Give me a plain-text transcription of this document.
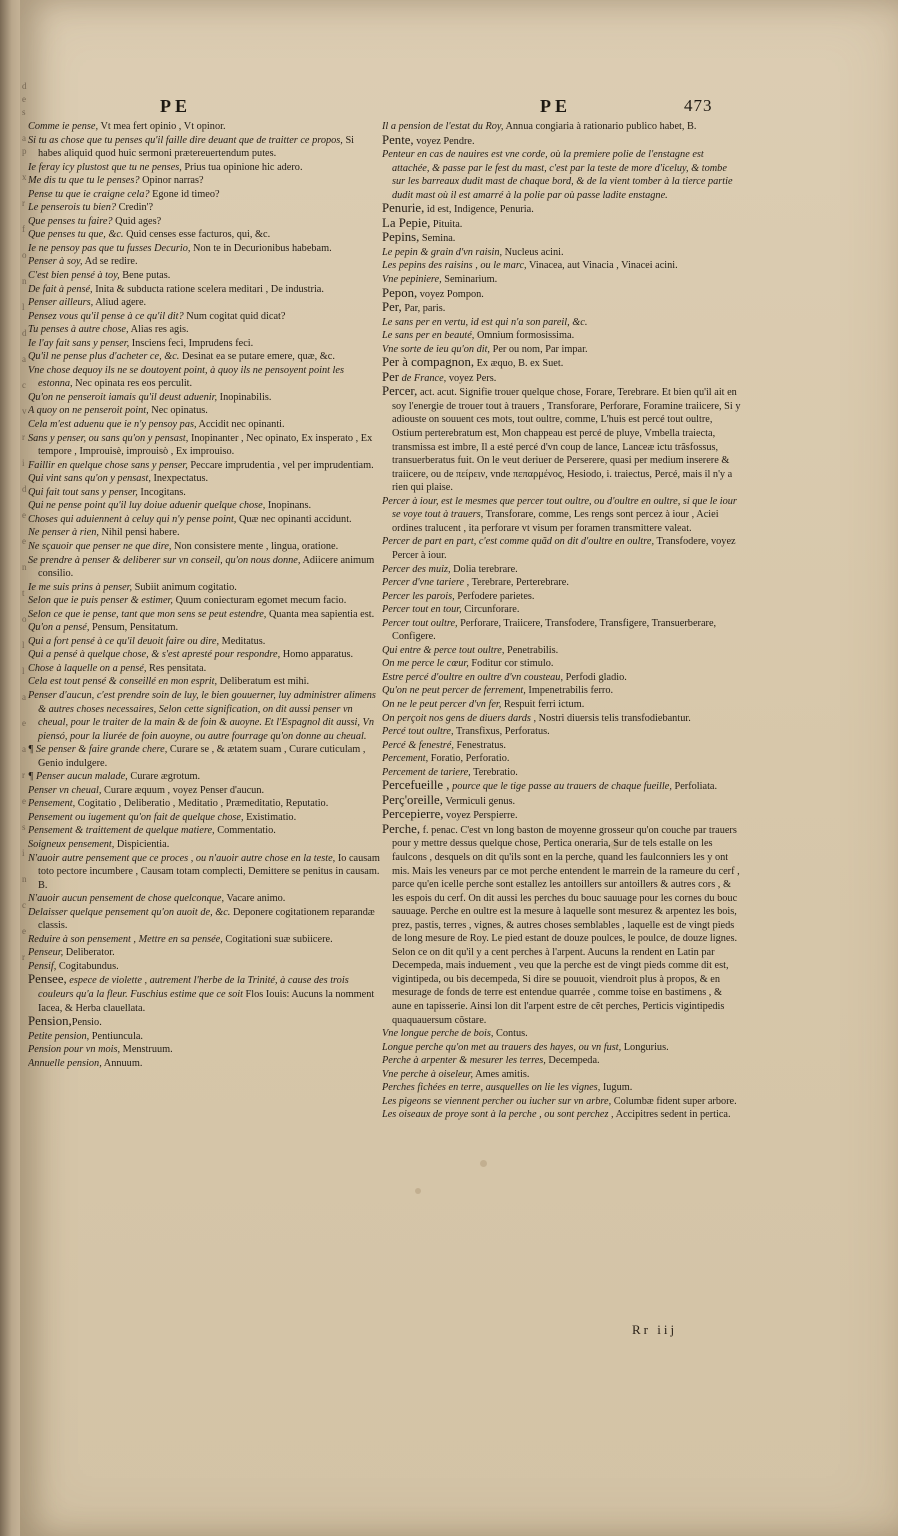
d
e
s

a
p

x

r

f

o

n

l

d

a

c

v

r

i

d

e

e

n

t

o

l

l

a

e

a

r

e

s

i

n

c

e

r
PE	PE	473

Comme ie pense, Vt mea fert opinio , Vt opinor.

Si tu as chose que tu penses qu'il faille dire deuant que de traitter ce propos, Si habes aliquid quod huic sermoni prætereuertendum putes.

Ie feray icy plustost que tu ne penses, Prius tua opinione hic adero.

Me dis tu que tu le penses? Opinor narras?

Pense tu que ie craigne cela? Egone id timeo?

Le penserois tu bien? Credin'?

Que penses tu faire? Quid ages?

Que penses tu que, &c. Quid censes esse facturos, qui, &c.

Ie ne pensoy pas que tu fusses Decurio, Non te in Decurionibus habebam.

Penser à soy, Ad se redire.

C'est bien pensé à toy, Bene putas.

De fait à pensé, Inita & subducta ratione scelera meditari , De industria.

Penser ailleurs, Aliud agere.

Pensez vous qu'il pense à ce qu'il dit? Num cogitat quid dicat?

Tu penses à autre chose, Alias res agis.

Ie l'ay fait sans y penser, Insciens feci, Imprudens feci.

Qu'il ne pense plus d'acheter ce, &c. Desinat ea se putare emere, quæ, &c.

Vne chose dequoy ils ne se doutoyent point, à quoy ils ne pensoyent point les estonna, Nec opinata res eos perculit.

Qu'on ne penseroit iamais qu'il deust aduenir, Inopinabilis.

A quoy on ne penseroit point, Nec opinatus.

Cela m'est aduenu que ie n'y pensoy pas, Accidit nec opinanti.

Sans y penser, ou sans qu'on y pensast, Inopinanter , Nec opinato, Ex insperato , Ex tempore , Improuisè, improuisò , Ex improuiso.

Faillir en quelque chose sans y penser, Peccare imprudentia , vel per imprudentiam.

Qui vint sans qu'on y pensast, Inexpectatus.

Qui fait tout sans y penser, Incogitans.

Qui ne pense point qu'il luy doiue aduenir quelque chose, Inopinans.

Choses qui aduiennent à celuy qui n'y pense point, Quæ nec opinanti accidunt.

Ne penser à rien, Nihil pensi habere.

Ne sçauoir que penser ne que dire, Non consistere mente , lingua, oratione.

Se prendre à penser & deliberer sur vn conseil, qu'on nous donne, Adiicere animum consilio.

Ie me suis prins à penser, Subiit animum cogitatio.

Selon que ie puis penser & estimer, Quum coniecturam egomet mecum facio.

Selon ce que ie pense, tant que mon sens se peut estendre, Quanta mea sapientia est.

Qu'on a pensé, Pensum, Pensitatum.

Qui a fort pensé à ce qu'il deuoit faire ou dire, Meditatus.

Qui a pensé à quelque chose, & s'est apresté pour respondre, Homo apparatus.

Chose à laquelle on a pensé, Res pensitata.

Cela est tout pensé & conseillé en mon esprit, Deliberatum est mihi.

Penser d'aucun, c'est prendre soin de luy, le bien gouuerner, luy administrer alimens & autres choses necessaires, Selon cette signification, on dit aussi penser vn cheual, pour le traiter de la main & de foin & auoyne. Et l'Espagnol dit aussi, Vn piensó, pour la liurée de foin auoyne, ou autre fourrage qu'on donne au cheual.

¶ Se penser & faire grande chere, Curare se , & ætatem suam , Curare cuticulam , Genio indulgere.

¶ Penser aucun malade, Curare ægrotum.

Penser vn cheual, Curare æquum , voyez Penser d'aucun.

Pensement, Cogitatio , Deliberatio , Meditatio , Præmeditatio, Reputatio.

Pensement ou iugement qu'on fait de quelque chose, Existimatio.

Pensement & traittement de quelque matiere, Commentatio.

Soigneux pensement, Dispicientia.

N'auoir autre pensement que ce proces , ou n'auoir autre chose en la teste, Io causam toto pectore incumbere , Causam totam complecti, Demittere se penitus in causam. B.

N'auoir aucun pensement de chose quelconque, Vacare animo.

Delaisser quelque pensement qu'on auoit de, &c. Deponere cogitationem reparandæ classis.

Reduire à son pensement , Mettre en sa pensée, Cogitationi suæ subiicere.

Penseur, Deliberator.

Pensif, Cogitabundus.

Pensee, espece de violette , autrement l'herbe de la Trinité, à cause des trois couleurs qu'a la fleur. Fuschius estime que ce soit Flos Iouis: Aucuns la nomment Iacea, & Herba clauellata.

Pension,Pensio.

Petite pension, Pentiuncula.

Pension pour vn mois, Menstruum.

Annuelle pension, Annuum.

Il a pension de l'estat du Roy, Annua congiaria à rationario publico habet, B.

Pente, voyez Pendre.

Penteur en cas de nauires est vne corde, où la premiere polie de l'enstagne est attachée, & passe par le fest du mast, c'est par la teste de more d'iceluy, & tombe sur les barreaux dudit mast de chaque bord, & de la vient tomber à la tierce partie dudit mast où il est amarré à la polie par où passe ladite enstagne.

Penurie, id est, Indigence, Penuria.

La Pepie, Pituita.

Pepins, Semina.

Le pepin & grain d'vn raisin, Nucleus acini.

Les pepins des raisins , ou le marc, Vinacea, aut Vinacia , Vinacei acini.

Vne pepiniere, Seminarium.

Pepon, voyez Pompon.

Per, Par, paris.

Le sans per en vertu, id est qui n'a son pareil, &c.

Le sans per en beauté, Omnium formosissima.

Vne sorte de ieu qu'on dit, Per ou nom, Par impar.

Per à compagnon, Ex æquo, B. ex Suet.

Per de France, voyez Pers.

Percer, act. acut. Signifie trouer quelque chose, Forare, Terebrare. Et bien qu'il ait en soy l'energie de trouer tout à trauers , Transforare, Perforare, Foramine traiicere, Si y adiouste on souuent ces mots, tout oultre, comme, L'huis est percé tout oultre, Ostium perterebratum est, Mon chappeau est percé de pluye, Vmbella traiecta, transmissa est imbre, Il a esté percé d'vn coup de lance, Lanceæ ictu trãsfossus, transuerberatus fuit. On le veut deriuer de Perserere, quasi per medium inserere & traiicere, ou de πείρειν, vnde πεπαρμένος, Hesiodo, i. traiectus, Percé, mais il n'y a rien qui plaise.

Percer à iour, est le mesmes que percer tout oultre, ou d'oultre en oultre, si que le iour se voye tout à trauers, Transforare, comme, Les rengs sont percez à iour , Aciei ordines tralucent , ita perforare vt visum per foramen transmittere valeat.

Percer de part en part, c'est comme quãd on dit d'oultre en oultre, Transfodere, voyez Percer à iour.

Percer des muiz, Dolia terebrare.

Percer d'vne tariere , Terebrare, Perterebrare.

Percer les parois, Perfodere parietes.

Percer tout en tour, Circunforare.

Percer tout oultre, Perforare, Traiicere, Transfodere, Transfigere, Transuerberare, Configere.

Qui entre & perce tout oultre, Penetrabilis.

On me perce le cœur, Foditur cor stimulo.

Estre percé d'oultre en oultre d'vn cousteau, Perfodi gladio.

Qu'on ne peut percer de ferrement, Impenetrabilis ferro.

On ne le peut percer d'vn fer, Respuit ferri ictum.

On perçoit nos gens de diuers dards , Nostri diuersis telis transfodiebantur.

Percé tout oultre, Transfixus, Perforatus.

Percé & fenestré, Fenestratus.

Percement, Foratio, Perforatio.

Percement de tariere, Terebratio.

Percefueille , pource que le tige passe au trauers de chaque fueille, Perfoliata.

Perç'oreille, Vermiculi genus.

Percepierre, voyez Perspierre.

Perche, f. penac. C'est vn long baston de moyenne grosseur qu'on couche par trauers pour y mettre dessus quelque chose, Pertica oneraria, Sur de tels estalle on les faulcons , desquels on dit qu'ils sont en la perche, quand les faulconniers les y ont mis. Mais les veneurs par ce mot perche entendent le marrein de la rameure du cerf , parce qu'en icelle perche sont estallez les antoillers sur antoillers & autres cors , & les espois du cerf. On dit aussi les perches du bouc sauuage pour les cornes du bouc sauuage. Perche en oultre est la mesure à laquelle sont mesurez & arpentez les bois, prez, pastis, terres , vignes, & autres choses semblables , laquelle est de vingt pieds de long mesure de Roy. Le pied estant de douze poulces, le poulce, de douze lignes. Selon ce on dit qu'il y a cent perches à l'arpent. Aucuns la rendent en Latin par Decempeda, mais induement , veu que la perche est de vingt pieds comme dit est, vigintipeda, ou bis decempeda, Si dire se pouuoit, viendroit plus à propos, & en mesurage de fonds de terre est entendue quarrée , comme toise en bastimens , & aune en tapisserie. Ainsi lon dit l'arpent estre de cẽt perches, Perticis vigintipedis quaquauersum cõstare.

Vne longue perche de bois, Contus.

Longue perche qu'on met au trauers des hayes, ou vn fust, Longurius.

Perche à arpenter & mesurer les terres, Decempeda.

Vne perche à oiseleur, Ames amitis.

Perches fichées en terre, ausquelles on lie les vignes, Iugum.

Les pigeons se viennent percher ou iucher sur vn arbre, Columbæ fident super arbore.

Les oiseaux de proye sont à la perche , ou sont perchez , Accipitres sedent in pertica.

Rr iij
